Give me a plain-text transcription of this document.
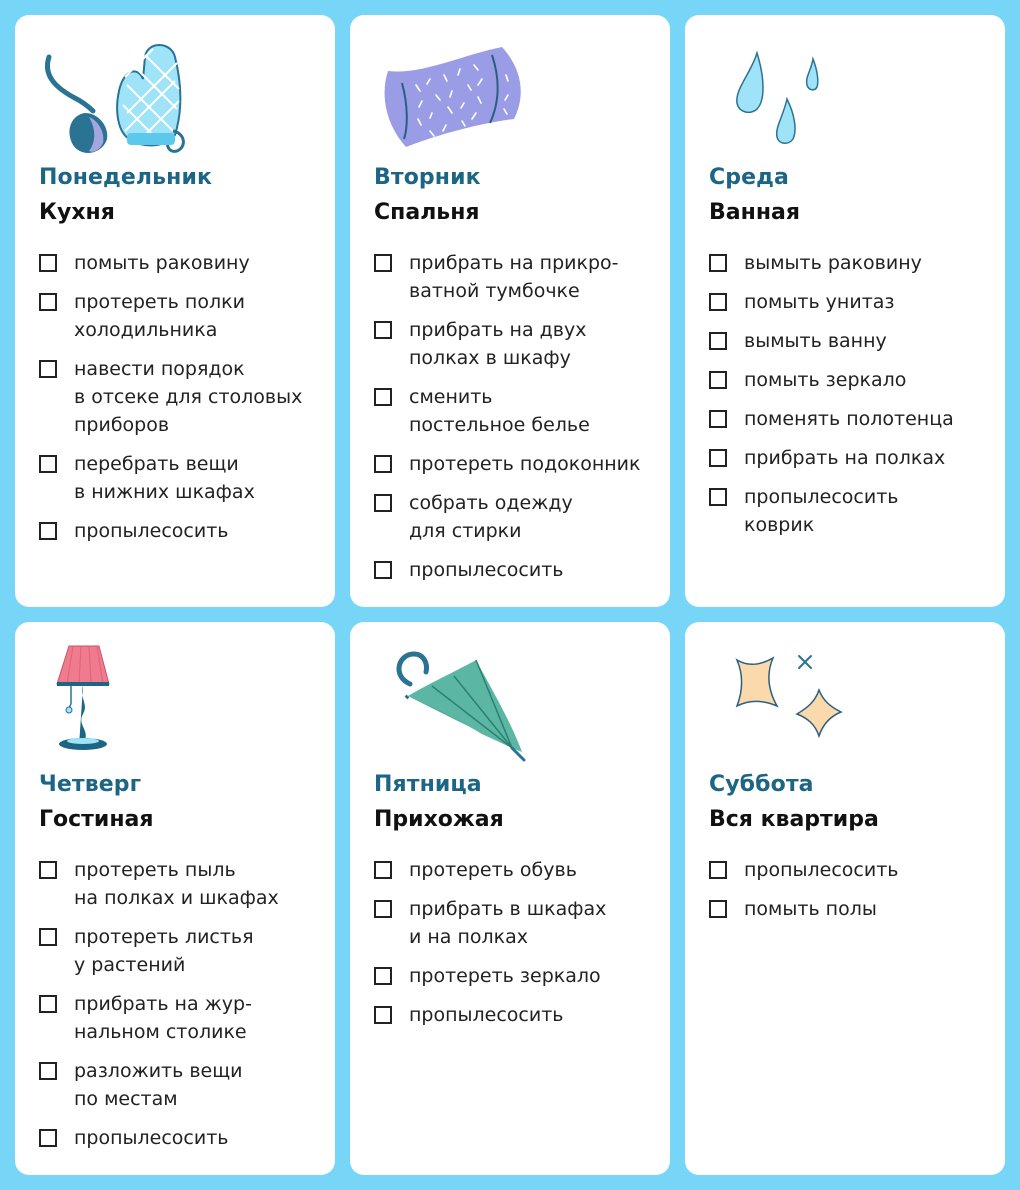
Понедельник
Кухня
помыть раковину
протереть полки
холодильника
навести порядок
в отсеке для столовых
приборов
перебрать вещи
в нижних шкафах
пропылесосить
Вторник
Спальня
прибрать на прикро-
ватной тумбочке
прибрать на двух
полках в шкафу
сменить
постельное белье
протереть подоконник
собрать одежду
для стирки
пропылесосить
Среда
Ванная
вымыть раковину
помыть унитаз
вымыть ванну
помыть зеркало
поменять полотенца
прибрать на полках
пропылесосить
коврик
Четверг
Гостиная
протереть пыль
на полках и шкафах
протереть листья
у растений
прибрать на жур-
нальном столике
разложить вещи
по местам
пропылесосить
Пятница
Прихожая
протереть обувь
прибрать в шкафах
и на полках
протереть зеркало
пропылесосить
Суббота
Вся квартира
пропылесосить
помыть полы
